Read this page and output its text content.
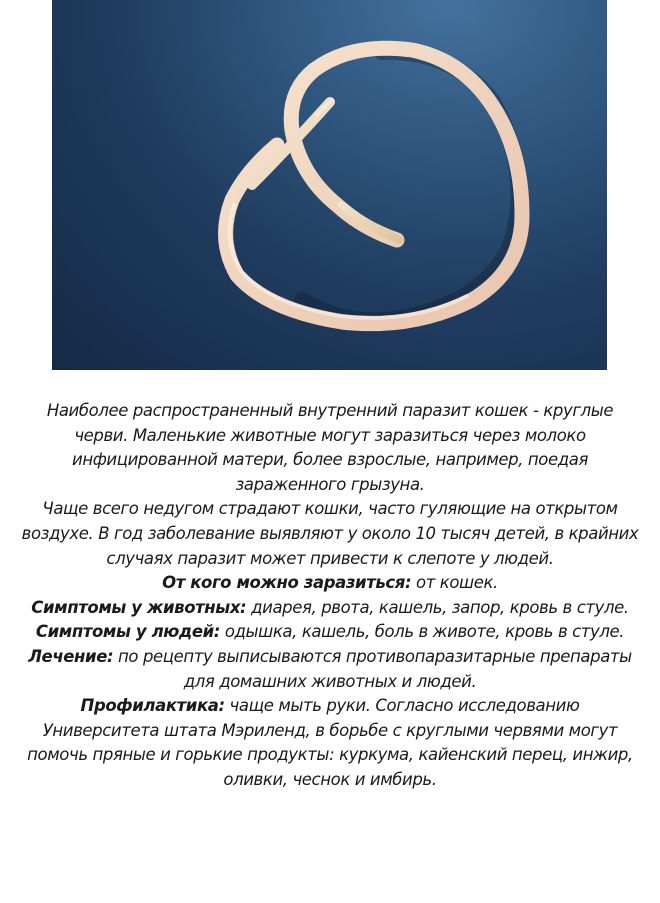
Наиболее распространенный внутренний паразит кошек - круглые черви. Маленькие животные могут заразиться через молоко инфицированной матери, более взрослые, например, поедая зараженного грызуна.

Чаще всего недугом страдают кошки, часто гуляющие на открытом воздухе. В год заболевание выявляют у около 10 тысяч детей, в крайних случаях паразит может привести к слепоте у людей.

От кого можно заразиться: от кошек.

Симптомы у животных: диарея, рвота, кашель, запор, кровь в стуле.

Симптомы у людей: одышка, кашель, боль в животе, кровь в стуле.

Лечение: по рецепту выписываются противопаразитарные препараты для домашних животных и людей.

Профилактика: чаще мыть руки. Согласно исследованию Университета штата Мэриленд, в борьбе с круглыми червями могут помочь пряные и горькие продукты: куркума, кайенский перец, инжир, оливки, чеснок и имбирь.
